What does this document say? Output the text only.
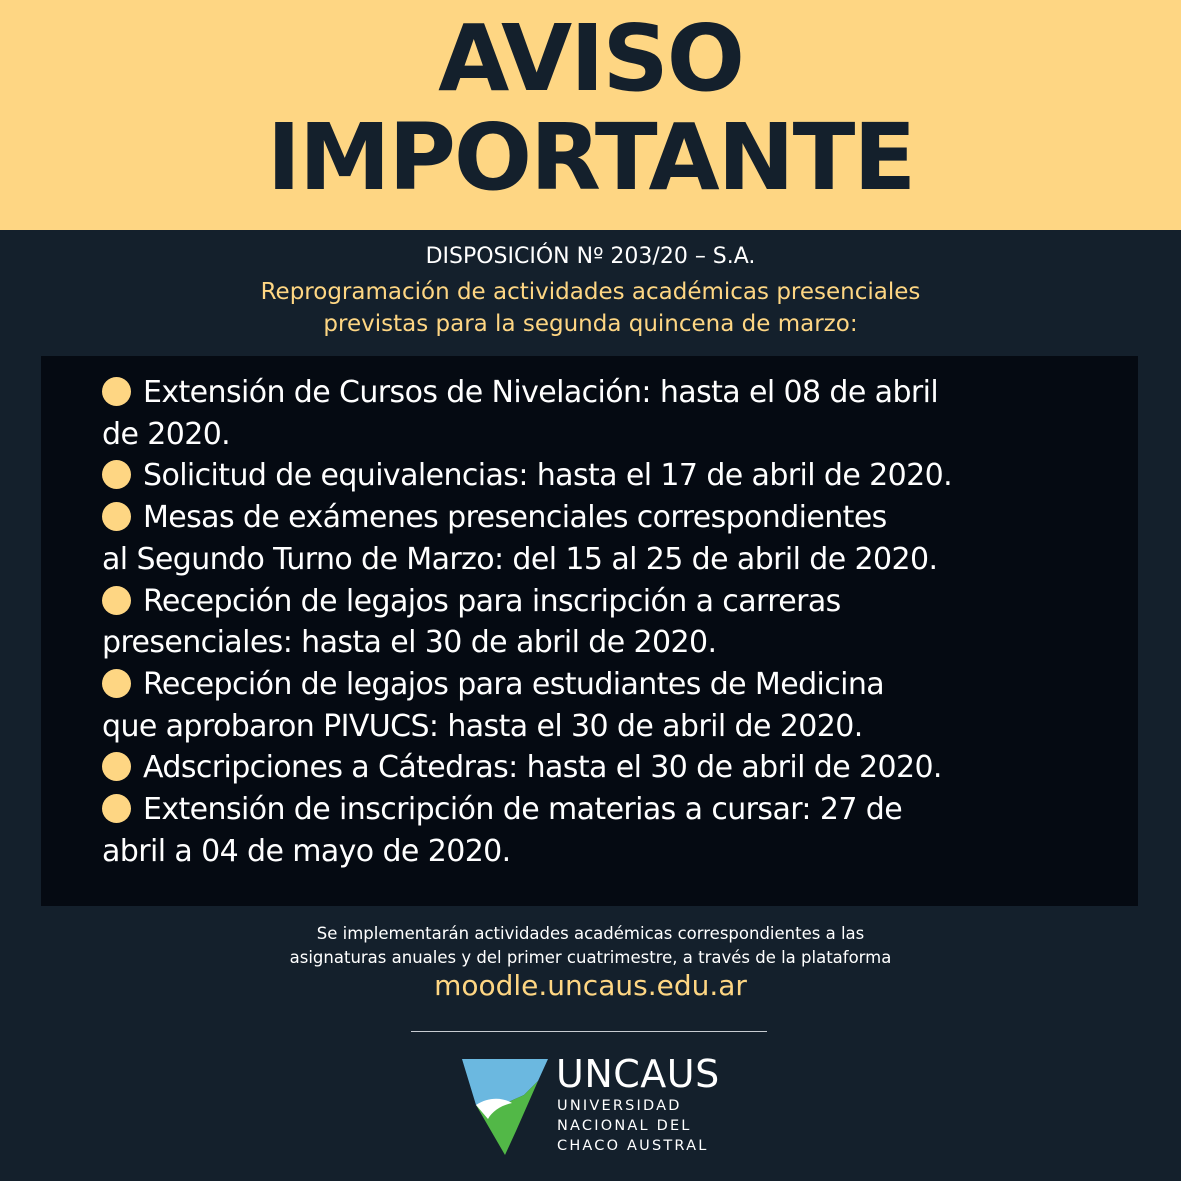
AVISO
IMPORTANTE
DISPOSICIÓN Nº 203/20 – S.A.
Reprogramación de actividades académicas presenciales
previstas para la segunda quincena de marzo:
Extensión de Cursos de Nivelación: hasta el 08 de abril
de 2020.
Solicitud de equivalencias: hasta el 17 de abril de 2020.
Mesas de exámenes presenciales correspondientes
al Segundo Turno de Marzo: del 15 al 25 de abril de 2020.
Recepción de legajos para inscripción a carreras
presenciales: hasta el 30 de abril de 2020.
Recepción de legajos para estudiantes de Medicina
que aprobaron PIVUCS: hasta el 30 de abril de 2020.
Adscripciones a Cátedras: hasta el 30 de abril de 2020.
Extensión de inscripción de materias a cursar: 27 de
abril a 04 de mayo de 2020.
Se implementarán actividades académicas correspondientes a las
asignaturas anuales y del primer cuatrimestre, a través de la plataforma
moodle.uncaus.edu.ar
UNCAUS
UNIVERSIDAD
NACIONAL DEL
CHACO AUSTRAL
